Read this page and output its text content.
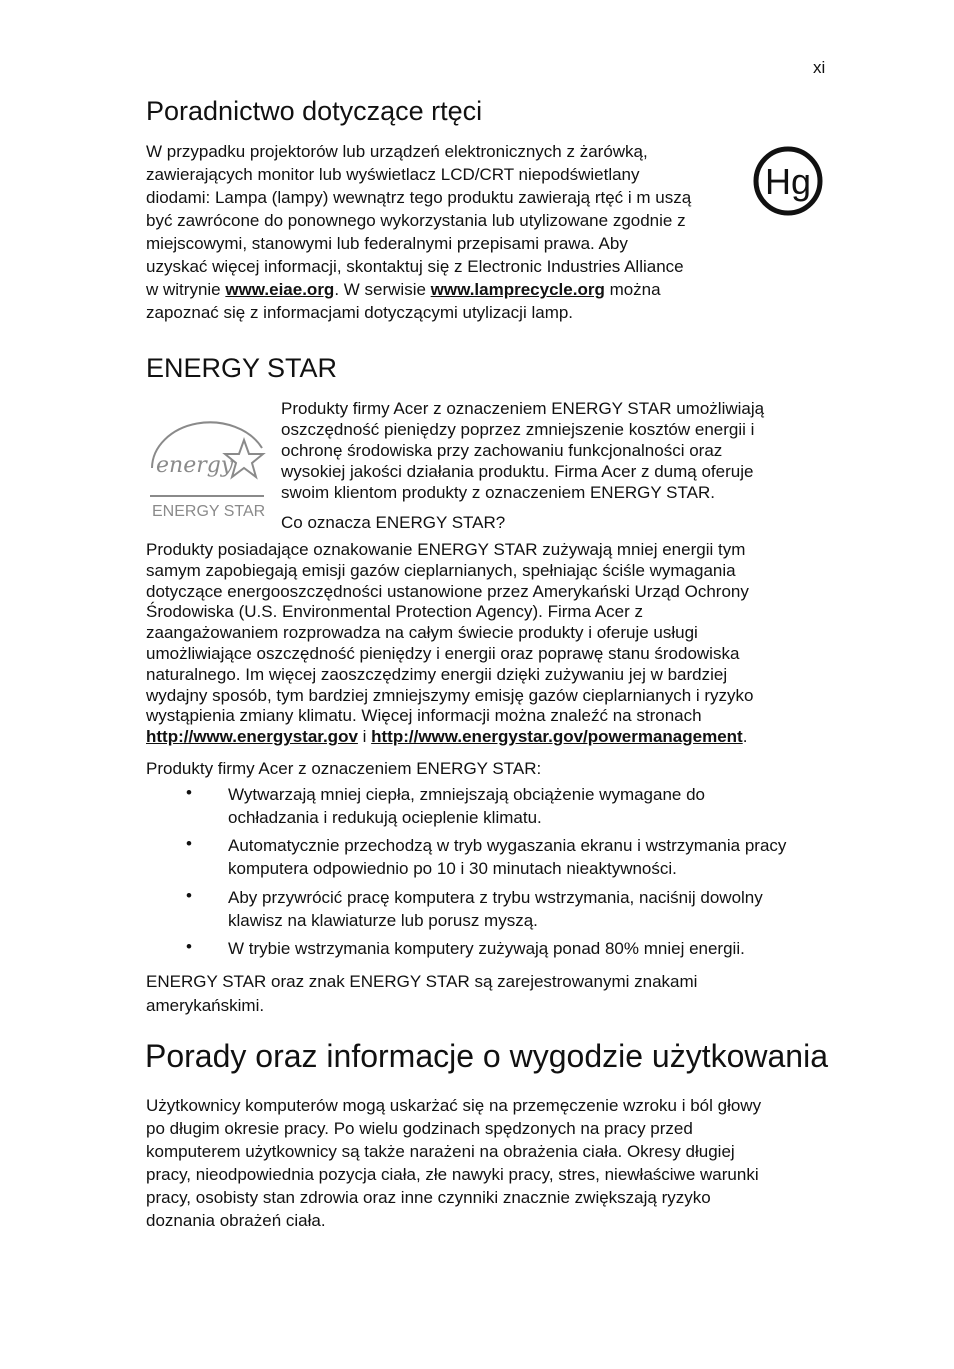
xi
Poradnictwo dotyczące rtęci
W przypadku projektorów lub urządzeń elektronicznych z żarówką,
zawierających monitor lub wyświetlacz LCD/CRT niepodświetlany
diodami: Lampa (lampy) wewnątrz tego produktu zawierają rtęć i m uszą
być zawrócone do ponownego wykorzystania lub utylizowane zgodnie z
miejscowymi, stanowymi lub federalnymi przepisami prawa. Aby
uzyskać więcej informacji, skontaktuj się z Electronic Industries Alliance
w witrynie www.eiae.org. W serwisie www.lamprecycle.org można
zapoznać się z informacjami dotyczącymi utylizacji lamp.
Hg
ENERGY STAR
energy
ENERGY STAR
Produkty firmy Acer z oznaczeniem ENERGY STAR umożliwiają
oszczędność pieniędzy poprzez zmniejszenie kosztów energii i
ochronę środowiska przy zachowaniu funkcjonalności oraz
wysokiej jakości działania produktu. Firma Acer z dumą oferuje
swoim klientom produkty z oznaczeniem ENERGY STAR.
Co oznacza ENERGY STAR?
Produkty posiadające oznakowanie ENERGY STAR zużywają mniej energii tym
samym zapobiegają emisji gazów cieplarnianych, spełniając ściśle wymagania
dotyczące energooszczędności ustanowione przez Amerykański Urząd Ochrony
Środowiska (U.S. Environmental Protection Agency). Firma Acer z
zaangażowaniem rozprowadza na całym świecie produkty i oferuje usługi
umożliwiające oszczędność pieniędzy i energii oraz poprawę stanu środowiska
naturalnego. Im więcej zaoszczędzimy energii dzięki zużywaniu jej w bardziej
wydajny sposób, tym bardziej zmniejszymy emisję gazów cieplarnianych i ryzyko
wystąpienia zmiany klimatu. Więcej informacji można znaleźć na stronach
http://www.energystar.gov i http://www.energystar.gov/powermanagement.
Produkty firmy Acer z oznaczeniem ENERGY STAR:
• Wytwarzają mniej ciepła, zmniejszają obciążenie wymagane do
ochładzania i redukują ocieplenie klimatu.
• Automatycznie przechodzą w tryb wygaszania ekranu i wstrzymania pracy
komputera odpowiednio po 10 i 30 minutach nieaktywności.
• Aby przywrócić pracę komputera z trybu wstrzymania, naciśnij dowolny
klawisz na klawiaturze lub porusz myszą.
• W trybie wstrzymania komputery zużywają ponad 80% mniej energii.
ENERGY STAR oraz znak ENERGY STAR są zarejestrowanymi znakami
amerykańskimi.
Porady oraz informacje o wygodzie użytkowania
Użytkownicy komputerów mogą uskarżać się na przemęczenie wzroku i ból głowy
po długim okresie pracy. Po wielu godzinach spędzonych na pracy przed
komputerem użytkownicy są także narażeni na obrażenia ciała. Okresy długiej
pracy, nieodpowiednia pozycja ciała, złe nawyki pracy, stres, niewłaściwe warunki
pracy, osobisty stan zdrowia oraz inne czynniki znacznie zwiększają ryzyko
doznania obrażeń ciała.
